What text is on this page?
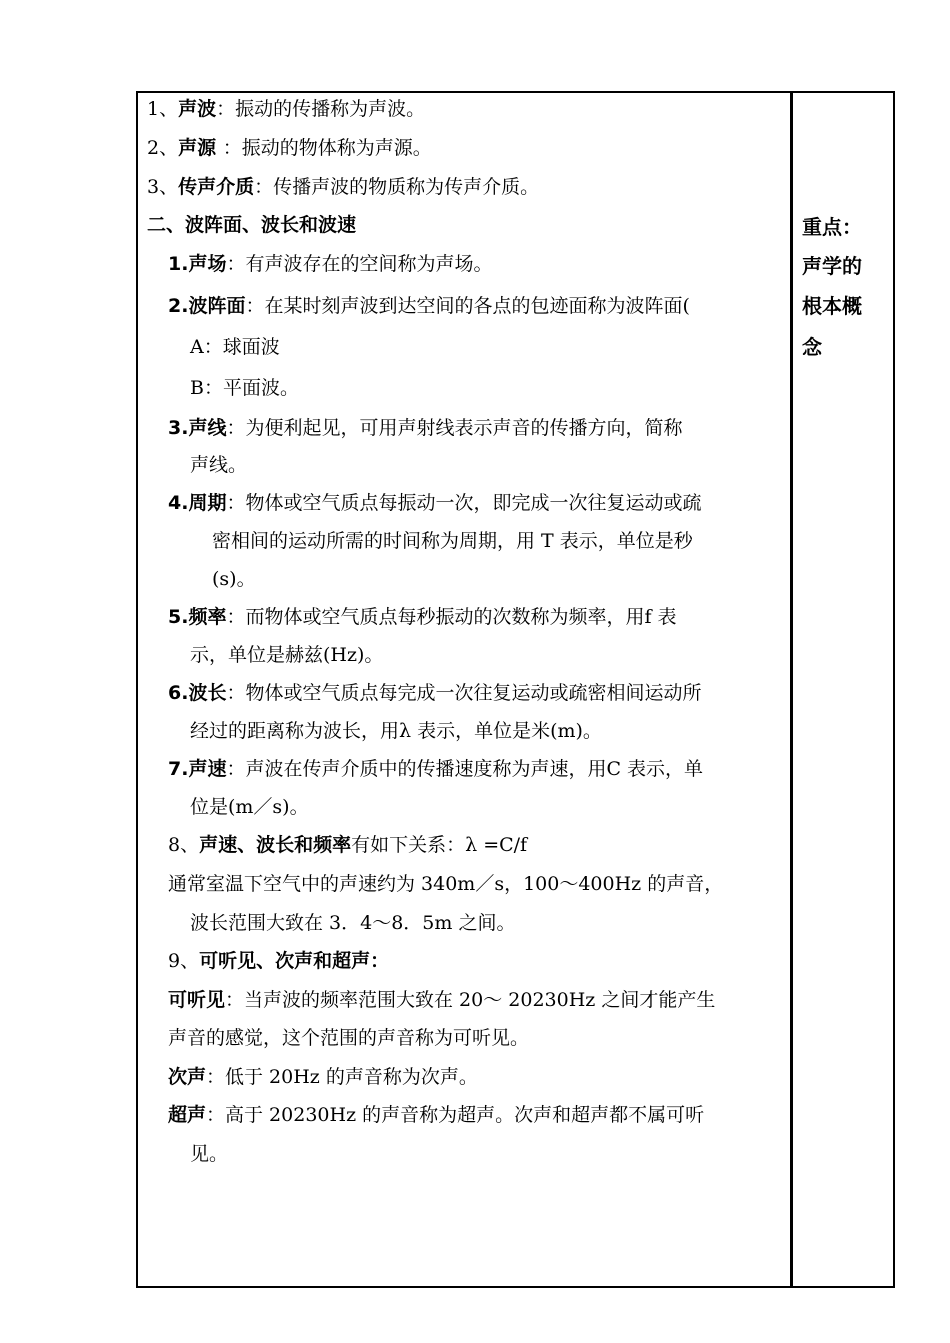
1、声波：振动的传播称为声波。
2、声源 ：振动的物体称为声源。
3、传声介质：传播声波的物质称为传声介质。
二、波阵面、波长和波速
1.声场：有声波存在的空间称为声场。
2.波阵面：在某时刻声波到达空间的各点的包迹面称为波阵面(
A：球面波
B：平面波。
3.声线：为便利起见，可用声射线表示声音的传播方向，简称
声线。
4.周期：物体或空气质点每振动一次，即完成一次往复运动或疏
密相间的运动所需的时间称为周期，用 T 表示，单位是秒
(s)。
5.频率：而物体或空气质点每秒振动的次数称为频率，用f 表
示，单位是赫兹(Hz)。
6.波长：物体或空气质点每完成一次往复运动或疏密相间运动所
经过的距离称为波长，用λ 表示，单位是米(m)。
7.声速：声波在传声介质中的传播速度称为声速，用C 表示，单
位是(m／s)。
8、声速、波长和频率有如下关系：λ =C/f
通常室温下空气中的声速约为 340m／s，100～400Hz 的声音，
波长范围大致在 3．4～8．5m 之间。
9、可听见、次声和超声：
可听见：当声波的频率范围大致在 20～ 20230Hz 之间才能产生
声音的感觉，这个范围的声音称为可听见。
次声：低于 20Hz 的声音称为次声。
超声：高于 20230Hz 的声音称为超声。次声和超声都不属可听
见。
重点：
声学的
根本概
念
